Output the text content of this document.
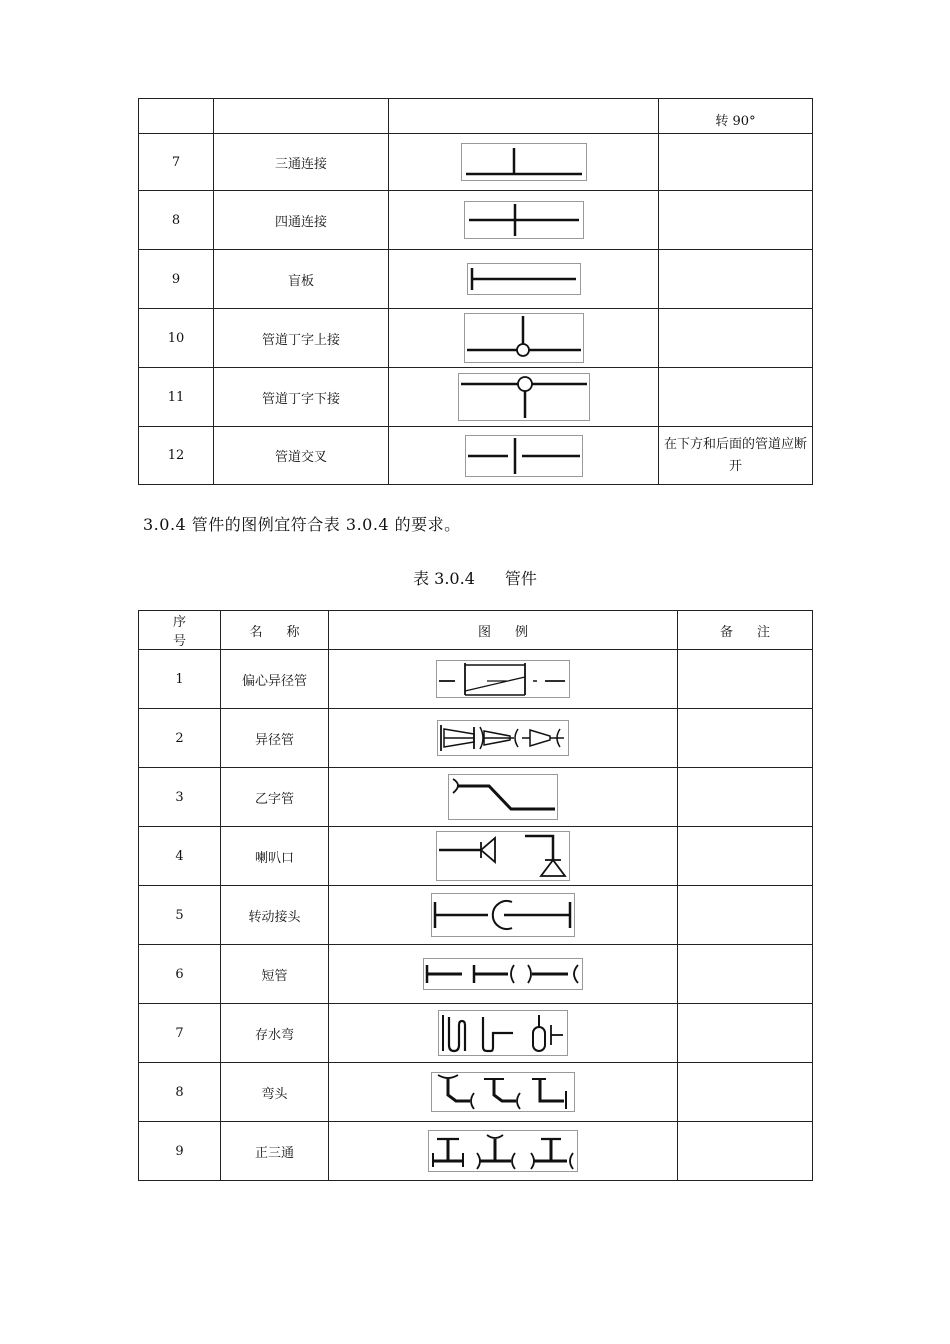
			转 90°
7	三通连接	

8	四通连接	

9	盲板	

10	管道丁字上接	

11	管道丁字下接	

12	管道交叉		在下方和后面的管道应断开
3.0.4 管件的图例宜符合表 3.0.4 的要求。
表 3.0.4 管件
序号	名称	图例	备注
1	偏心异径管	

2	异径管	

3	乙字管	

4	喇叭口	

5	转动接头	

6	短管	

7	存水弯	

8	弯头	

9	正三通	
